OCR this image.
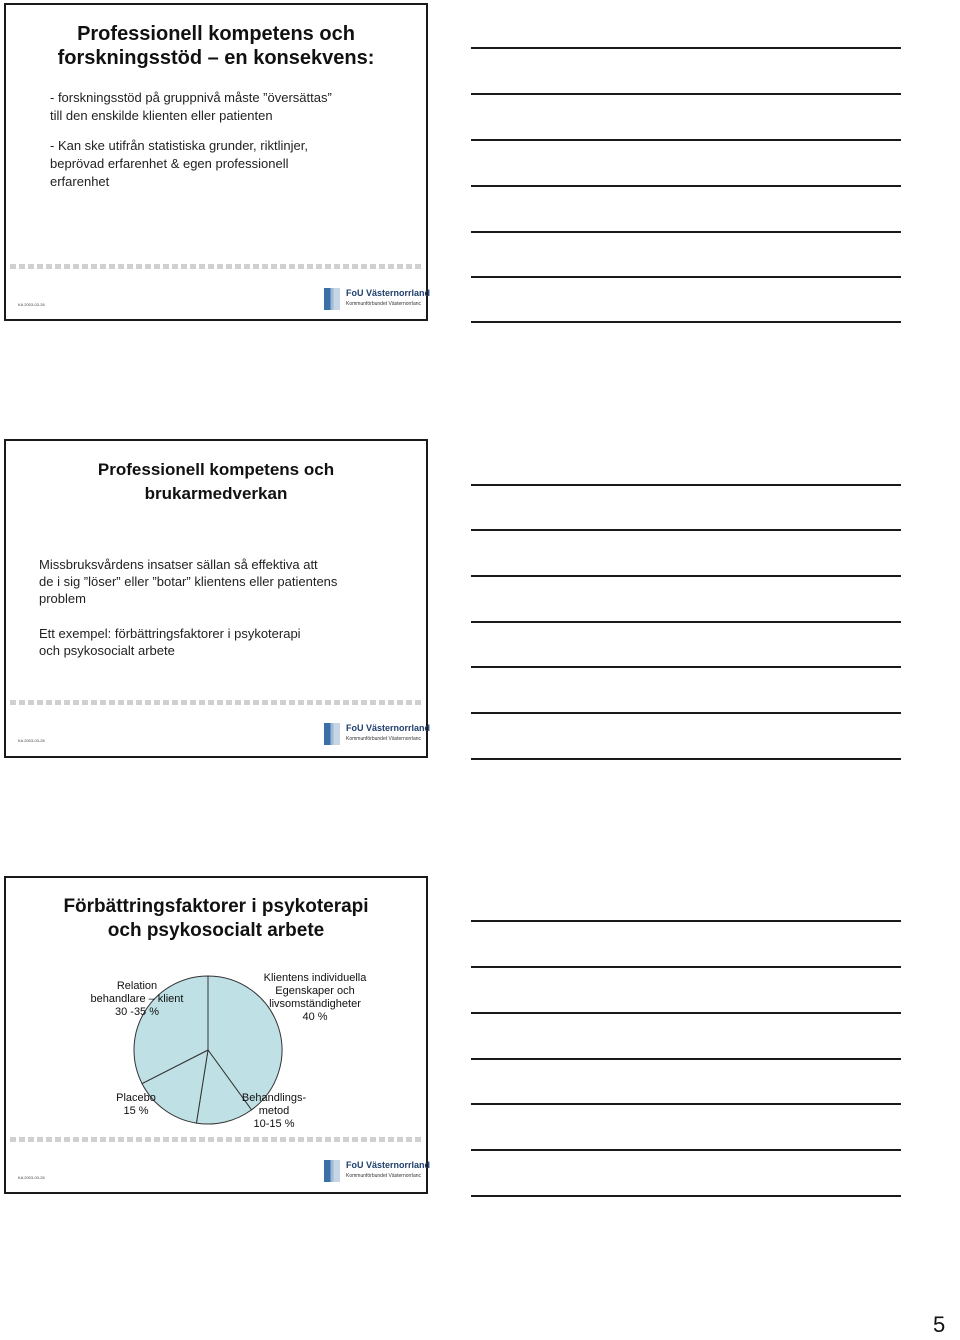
Professionell kompetens och
forskningsstöd – en konsekvens:

- forskningsstöd på gruppnivå måste ”översättas”
till den enskilde klienten eller patienten

- Kan ske utifrån statistiska grunder, riktlinjer,
beprövad erfarenhet & egen professionell
erfarenhet

KA 2003-03-26
FoU Västernorrland
Kommunförbundet Västernorrlanc
Professionell kompetens och
brukarmedverkan

Missbruksvårdens insatser sällan så effektiva att
de i sig ”löser” eller ”botar” klientens eller patientens
problem

Ett exempel: förbättringsfaktorer i psykoterapi
och psykosocialt arbete

KA 2003-03-26
FoU Västernorrland
Kommunförbundet Västernorrlanc
Förbättringsfaktorer i psykoterapi
och psykosocialt arbete
Relation
behandlare – klient
30 -35 %
Klientens individuella
Egenskaper och
livsomständigheter
40 %
Placebo
15 %
Behandlings-
metod
10-15 %
KA 2003-03-26
FoU Västernorrland
Kommunförbundet Västernorrlanc
5
